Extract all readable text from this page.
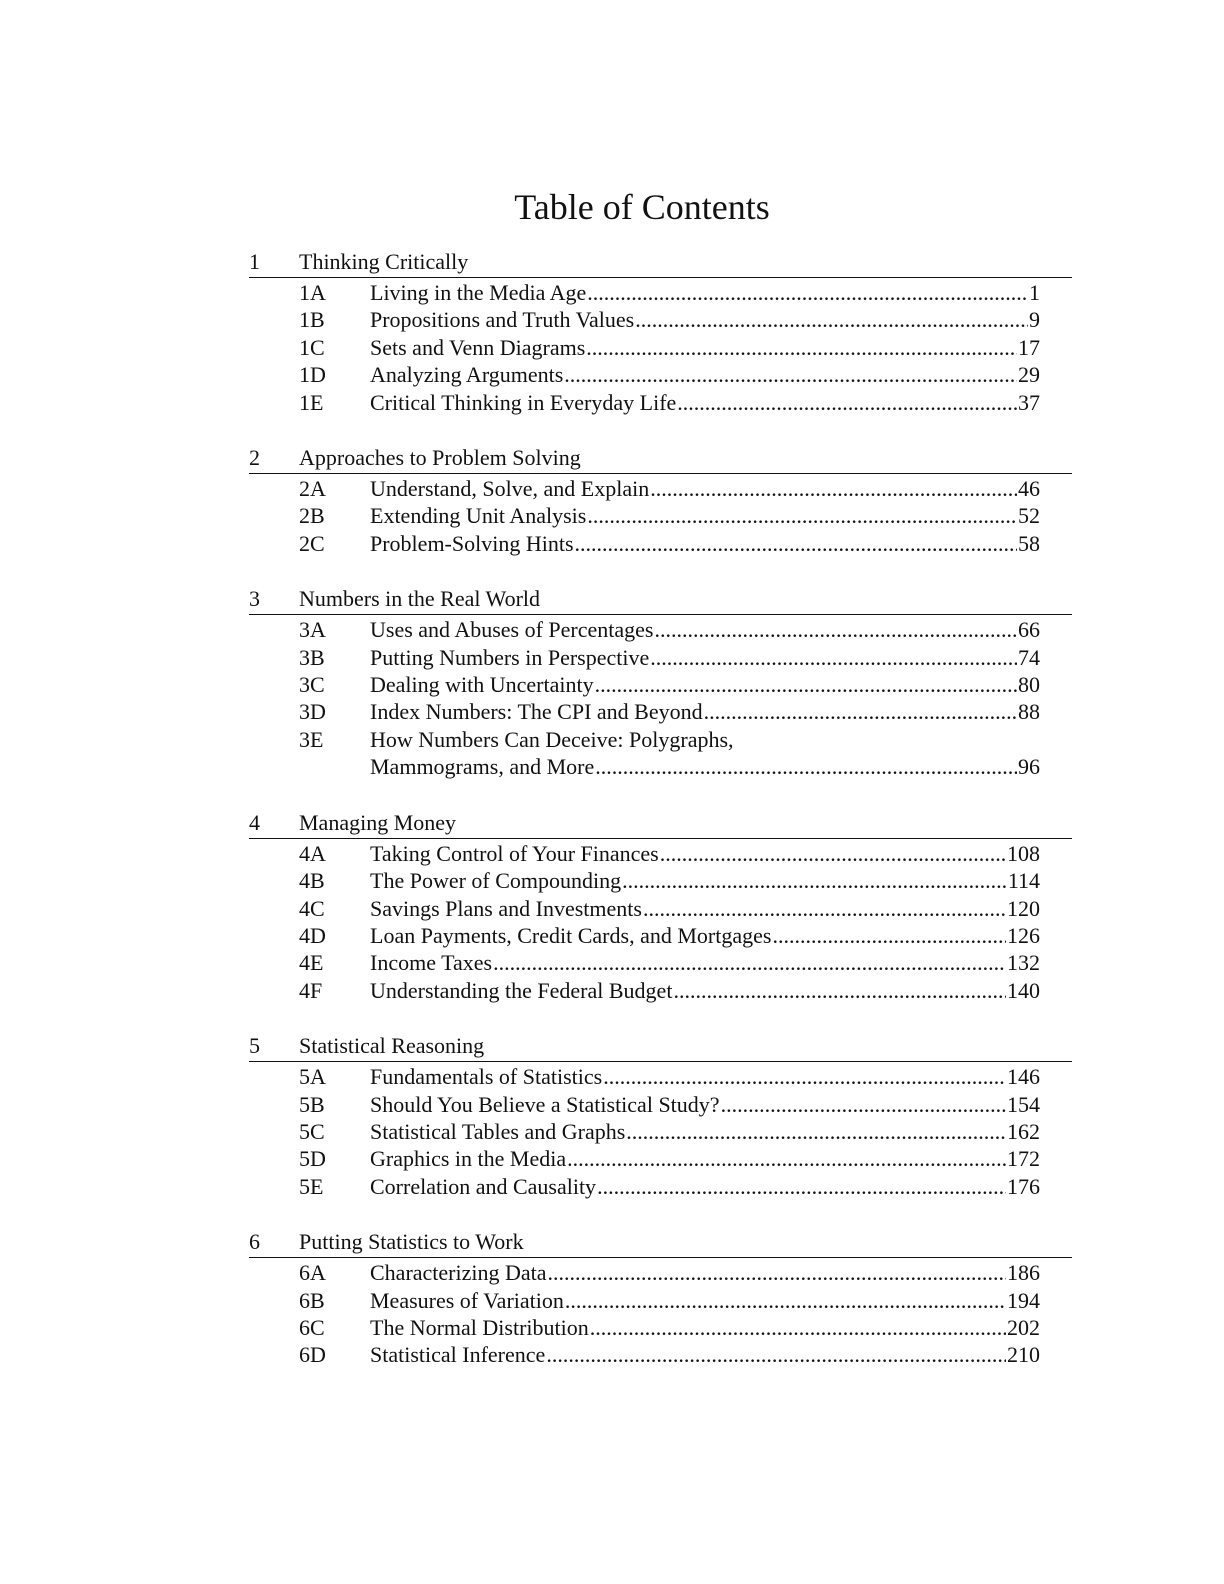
Table of Contents
1	Thinking Critically
1A	Living in the Media Age .....	1
1B	Propositions and Truth Values .....	9
1C	Sets and Venn Diagrams .....	17
1D	Analyzing Arguments .....	29
1E	Critical Thinking in Everyday Life .....	37
2	Approaches to Problem Solving
2A	Understand, Solve, and Explain .....	46
2B	Extending Unit Analysis .....	52
2C	Problem-Solving Hints .....	58
3	Numbers in the Real World
3A	Uses and Abuses of Percentages .....	66
3B	Putting Numbers in Perspective .....	74
3C	Dealing with Uncertainty .....	80
3D	Index Numbers: The CPI and Beyond .....	88
3E	How Numbers Can Deceive: Polygraphs,
Mammograms, and More .....	96
4	Managing Money
4A	Taking Control of Your Finances .....	108
4B	The Power of Compounding .....	114
4C	Savings Plans and Investments .....	120
4D	Loan Payments, Credit Cards, and Mortgages .....	126
4E	Income Taxes .....	132
4F	Understanding the Federal Budget .....	140
5	Statistical Reasoning
5A	Fundamentals of Statistics .....	146
5B	Should You Believe a Statistical Study? .....	154
5C	Statistical Tables and Graphs .....	162
5D	Graphics in the Media .....	172
5E	Correlation and Causality .....	176
6	Putting Statistics to Work
6A	Characterizing Data .....	186
6B	Measures of Variation .....	194
6C	The Normal Distribution .....	202
6D	Statistical Inference .....	210
